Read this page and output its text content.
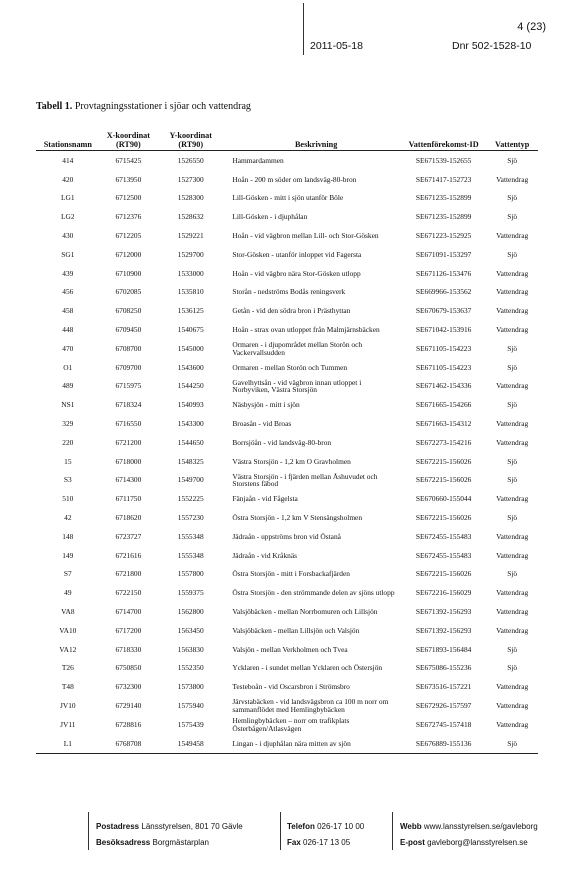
4 (23)
2011-05-18	Dnr 502-1528-10
Tabell 1. Provtagningsstationer i sjöar och vattendrag
Stationsnamn	X-koordinat (RT90)	Y-koordinat (RT90)	Beskrivning	Vattenförekomst-ID	Vattentyp
414	6715425	1526550	Hammardammen	SE671539-152655	Sjö
420	6713950	1527300	Hoån - 200 m söder om landsväg-80-bron	SE671417-152723	Vattendrag
LG1	6712500	1528300	Lill-Gösken - mitt i sjön utanför Böle	SE671235-152899	Sjö
LG2	6712376	1528632	Lill-Gösken - i djuphålan	SE671235-152899	Sjö
430	6712205	1529221	Hoån - vid vägbron mellan Lill- och Stor-Gösken	SE671223-152925	Vattendrag
SG1	6712000	1529700	Stor-Gösken - utanför inloppet vid Fagersta	SE671091-153297	Sjö
439	6710900	1533000	Hoån - vid vägbro nära Stor-Gösken utlopp	SE671126-153476	Vattendrag
456	6702085	1535810	Storån - nedströms Bodås reningsverk	SE669966-153562	Vattendrag
458	6708250	1536125	Getån - vid den södra bron i Prästhyttan	SE670679-153637	Vattendrag
448	6709450	1540675	Hoån - strax ovan utloppet från Malmjärnsbäcken	SE671042-153916	Vattendrag
470	6708700	1545000	Ormaren - i djupområdet mellan Storön och Vackervallsudden	SE671105-154223	Sjö
O1	6709700	1543600	Ormaren - mellan Storön och Tummen	SE671105-154223	Sjö
489	6715975	1544250	Gavelhyttsån - vid vägbron innan utloppet i Norbyviken, Västra Storsjön	SE671462-154336	Vattendrag
NS1	6718324	1540993	Näsbysjön - mitt i sjön	SE671665-154266	Sjö
329	6716550	1543300	Broasån - vid Broas	SE671663-154312	Vattendrag
220	6721200	1544650	Borrsjöån - vid landsväg-80-bron	SE672273-154216	Vattendrag
15	6718000	1548325	Västra Storsjön - 1,2 km O Gravholmen	SE672215-156026	Sjö
S3	6714300	1549700	Västra Storsjön - i fjärden mellan Åshuvudet och Storstens fäbod	SE672215-156026	Sjö
510	6711750	1552225	Fänjaån - vid Fågelsta	SE670660-155044	Vattendrag
42	6718620	1557230	Östra Storsjön - 1,2 km V Stensängsholmen	SE672215-156026	Sjö
148	6723727	1555348	Jädraån - uppströms bron vid Östanå	SE672455-155483	Vattendrag
149	6721616	1555348	Jädraån - vid Kråknäs	SE672455-155483	Vattendrag
S7	6721800	1557800	Östra Storsjön - mitt i Forsbackafjärden	SE672215-156026	Sjö
49	6722150	1559375	Östra Storsjön - den strömmande delen av sjöns utlopp	SE672216-156029	Vattendrag
VA8	6714700	1562800	Valsjöbäcken - mellan Norrbomuren och Lillsjön	SE671392-156293	Vattendrag
VA10	6717200	1563450	Valsjöbäcken - mellan Lillsjön och Valsjön	SE671392-156293	Vattendrag
VA12	6718330	1563830	Valsjön - mellan Verkholmen och Tvea	SE671893-156484	Sjö
T26	6750850	1552350	Ycklaren - i sundet mellan Ycklaren och Östersjön	SE675086-155236	Sjö
T48	6732300	1573800	Testeboån - vid Oscarsbron i Strömsbro	SE673516-157221	Vattendrag
JV10	6729140	1575940	Järvstabäcken - vid landsvägsbron ca 100 m norr om sammanflödet med Hemlingbybäcken	SE672926-157597	Vattendrag
JV11	6728816	1575439	Hemlingbybäcken – norr om trafikplats Österbågen/Atlasvägen	SE672745-157418	Vattendrag
L1	6768708	1549458	Lingan - i djuphålan nära mitten av sjön	SE676889-155136	Sjö
Postadress Länsstyrelsen, 801 70 Gävle
Besöksadress Borgmästarplan
Telefon 026-17 10 00
Fax 026-17 13 05
Webb www.lansstyrelsen.se/gavleborg
E-post gavleborg@lansstyrelsen.se
